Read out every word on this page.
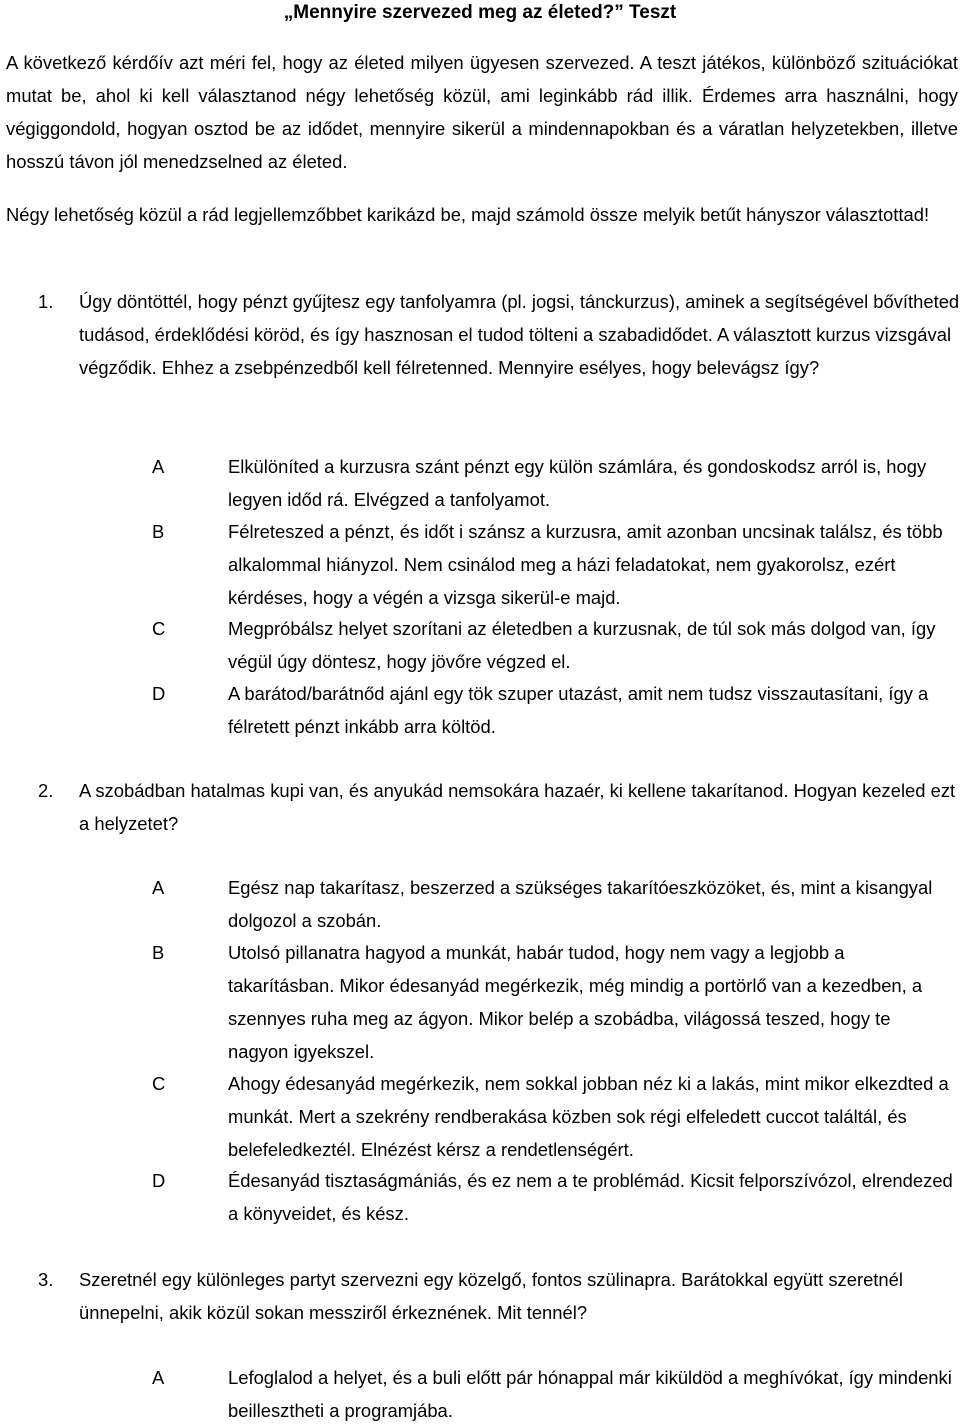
„Mennyire szervezed meg az életed?” Teszt

A következő kérdőív azt méri fel, hogy az életed milyen ügyesen szervezed. A teszt játékos, különböző szituációkat mutat be, ahol ki kell választanod négy lehetőség közül, ami leginkább rád illik. Érdemes arra használni, hogy végiggondold, hogyan osztod be az idődet, mennyire sikerül a mindennapokban és a váratlan helyzetekben, illetve hosszú távon jól menedzselned az életed.

Négy lehetőség közül a rád legjellemzőbbet karikázd be, majd számold össze melyik betűt hányszor választottad!

1. Úgy döntöttél, hogy pénzt gyűjtesz egy tanfolyamra (pl. jogsi, tánckurzus), aminek a segítségével bővítheted tudásod, érdeklődési köröd, és így hasznosan el tudod tölteni a szabadidődet. A választott kurzus vizsgával végződik. Ehhez a zsebpénzedből kell félretenned. Mennyire esélyes, hogy belevágsz így?
A	Elkülöníted a kurzusra szánt pénzt egy külön számlára, és gondoskodsz arról is, hogy legyen időd rá. Elvégzed a tanfolyamot.
B	Félreteszed a pénzt, és időt i szánsz a kurzusra, amit azonban uncsinak találsz, és több alkalommal hiányzol. Nem csinálod meg a házi feladatokat, nem gyakorolsz, ezért kérdéses, hogy a végén a vizsga sikerül-e majd.
C	Megpróbálsz helyet szorítani az életedben a kurzusnak, de túl sok más dolgod van, így végül úgy döntesz, hogy jövőre végzed el.
D	A barátod/barátnőd ajánl egy tök szuper utazást, amit nem tudsz visszautasítani, így a félretett pénzt inkább arra költöd.
2. A szobádban hatalmas kupi van, és anyukád nemsokára hazaér, ki kellene takarítanod. Hogyan kezeled ezt a helyzetet?
A	Egész nap takarítasz, beszerzed a szükséges takarítóeszközöket, és, mint a kisangyal dolgozol a szobán.
B	Utolsó pillanatra hagyod a munkát, habár tudod, hogy nem vagy a legjobb a takarításban. Mikor édesanyád megérkezik, még mindig a portörlő van a kezedben, a szennyes ruha meg az ágyon. Mikor belép a szobádba, világossá teszed, hogy te nagyon igyekszel.
C	Ahogy édesanyád megérkezik, nem sokkal jobban néz ki a lakás, mint mikor elkezdted a munkát. Mert a szekrény rendberakása közben sok régi elfeledett cuccot találtál, és belefeledkeztél. Elnézést kérsz a rendetlenségért.
D	Édesanyád tisztaságmániás, és ez nem a te problémád. Kicsit felporszívózol, elrendezed a könyveidet, és kész.
3. Szeretnél egy különleges partyt szervezni egy közelgő, fontos szülinapra. Barátokkal együtt szeretnél ünnepelni, akik közül sokan messziről érkeznének. Mit tennél?
A	Lefoglalod a helyet, és a buli előtt pár hónappal már kiküldöd a meghívókat, így mindenki beillesztheti a programjába.
